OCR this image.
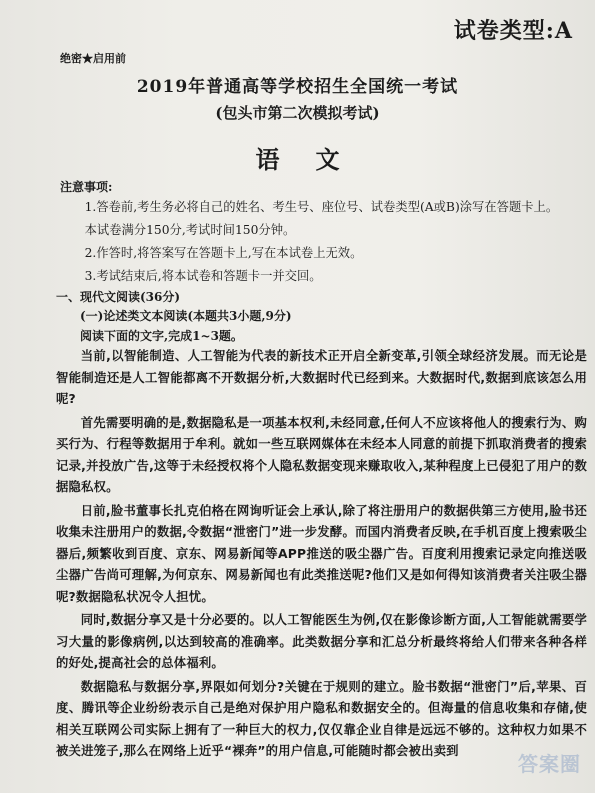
试卷类型:A
绝密★启用前
2019年普通高等学校招生全国统一考试
(包头市第二次模拟考试)
语文
注意事项:

1.答卷前,考生务必将自己的姓名、考生号、座位号、试卷类型(A或B)涂写在答题卡上。

本试卷满分150分,考试时间150分钟。

2.作答时,将答案写在答题卡上,写在本试卷上无效。

3.考试结束后,将本试卷和答题卡一并交回。

一、现代文阅读(36分)
(一)论述类文本阅读(本题共3小题,9分)
阅读下面的文字,完成1~3题。

当前,以智能制造、人工智能为代表的新技术正开启全新变革,引领全球经济发展。而无论是智能制造还是人工智能都离不开数据分析,大数据时代已经到来。大数据时代,数据到底该怎么用呢?

首先需要明确的是,数据隐私是一项基本权利,未经同意,任何人不应该将他人的搜索行为、购买行为、行程等数据用于牟利。就如一些互联网媒体在未经本人同意的前提下抓取消费者的搜索记录,并投放广告,这等于未经授权将个人隐私数据变现来赚取收入,某种程度上已侵犯了用户的数据隐私权。

日前,脸书董事长扎克伯格在网询听证会上承认,除了将注册用户的数据供第三方使用,脸书还收集未注册用户的数据,令数据“泄密门”进一步发酵。而国内消费者反映,在手机百度上搜索吸尘器后,频繁收到百度、京东、网易新闻等APP推送的吸尘器广告。百度利用搜索记录定向推送吸尘器广告尚可理解,为何京东、网易新闻也有此类推送呢?他们又是如何得知该消费者关注吸尘器呢?数据隐私状况令人担忧。

同时,数据分享又是十分必要的。以人工智能医生为例,仅在影像诊断方面,人工智能就需要学习大量的影像病例,以达到较高的准确率。此类数据分享和汇总分析最终将给人们带来各种各样的好处,提高社会的总体福利。

数据隐私与数据分享,界限如何划分?关键在于规则的建立。脸书数据“泄密门”后,苹果、百度、腾讯等企业纷纷表示自己是绝对保护用户隐私和数据安全的。但海量的信息收集和存储,使相关互联网公司实际上拥有了一种巨大的权力,仅仅靠企业自律是远远不够的。这种权力如果不被关进笼子,那么在网络上近乎“裸奔”的用户信息,可能随时都会被出卖到

答案圈
